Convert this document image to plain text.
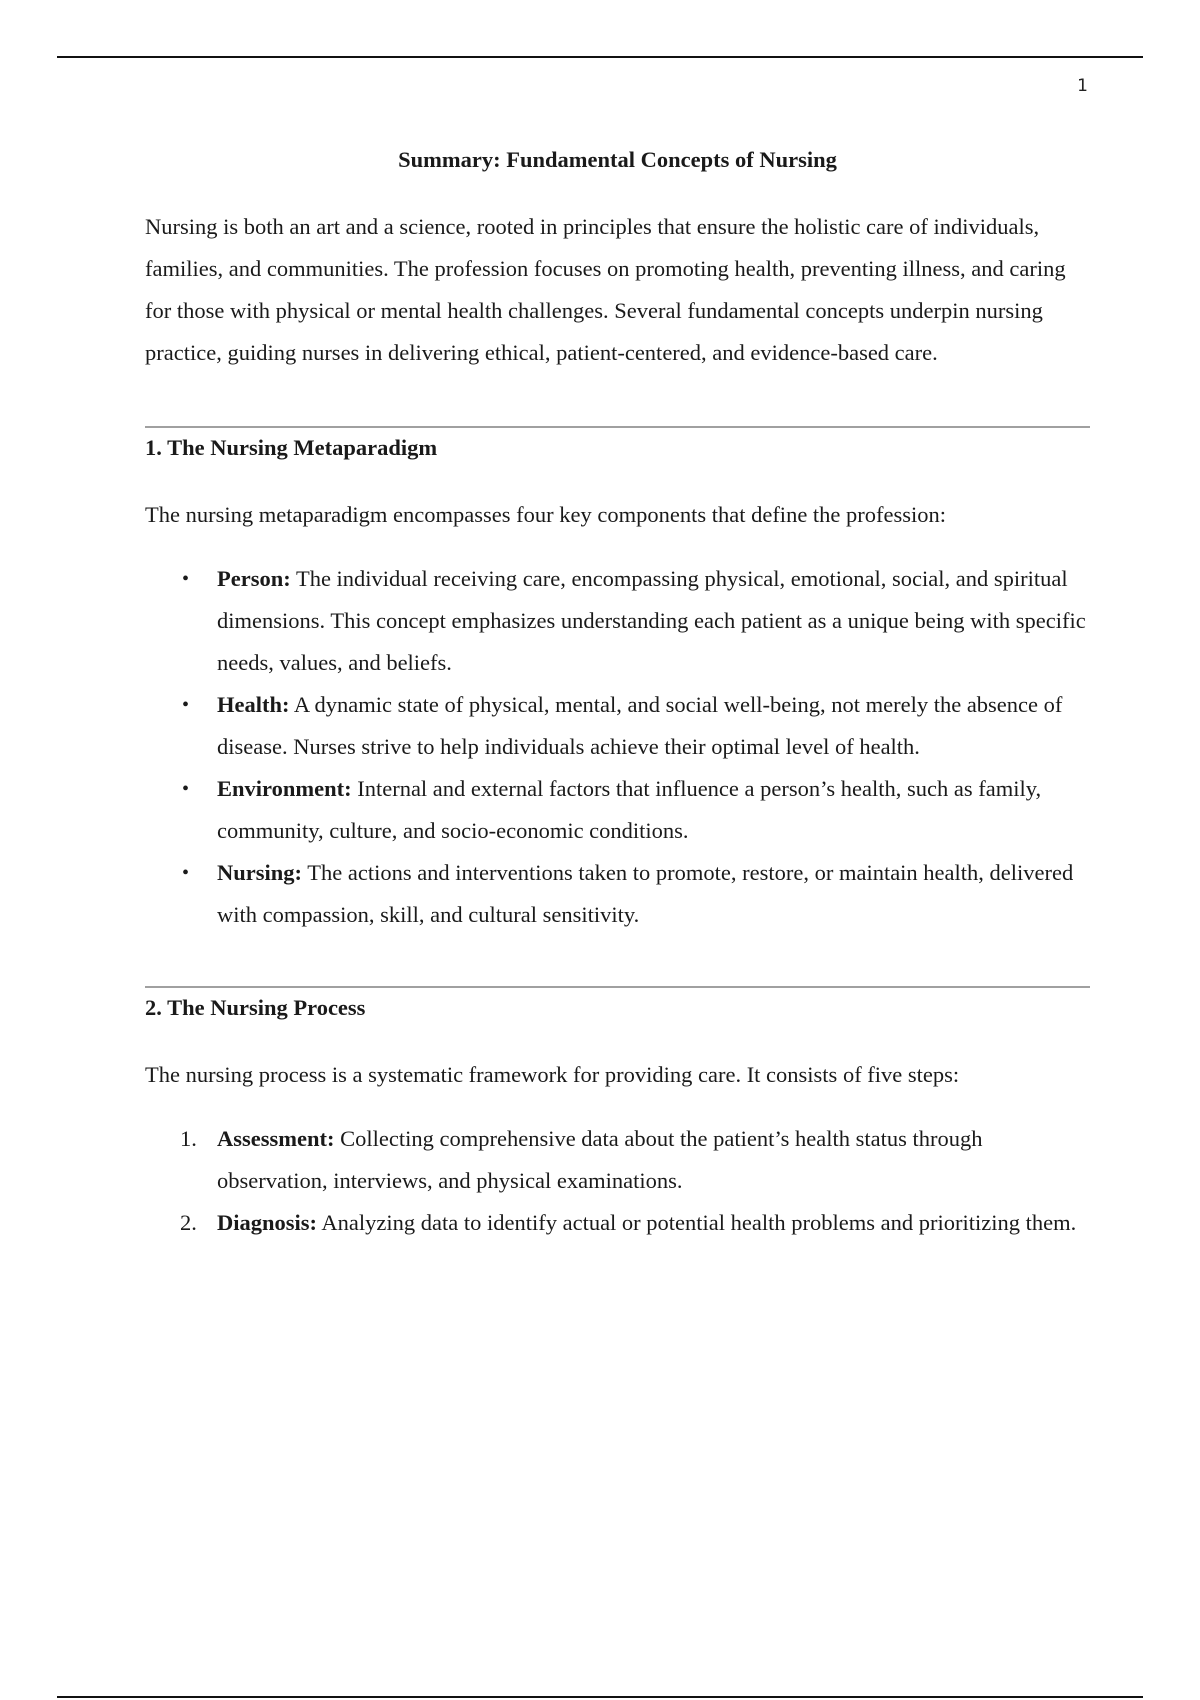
1
Summary: Fundamental Concepts of Nursing

Nursing is both an art and a science, rooted in principles that ensure the holistic care of individuals, families, and communities. The profession focuses on promoting health, preventing illness, and caring for those with physical or mental health challenges. Several fundamental concepts underpin nursing practice, guiding nurses in delivering ethical, patient-centered, and evidence-based care.

1. The Nursing Metaparadigm

The nursing metaparadigm encompasses four key components that define the profession:

• Person: The individual receiving care, encompassing physical, emotional, social, and spiritual dimensions. This concept emphasizes understanding each patient as a unique being with specific needs, values, and beliefs.
• Health: A dynamic state of physical, mental, and social well-being, not merely the absence of disease. Nurses strive to help individuals achieve their optimal level of health.
• Environment: Internal and external factors that influence a person’s health, such as family, community, culture, and socio-economic conditions.
• Nursing: The actions and interventions taken to promote, restore, or maintain health, delivered with compassion, skill, and cultural sensitivity.
2. The Nursing Process

The nursing process is a systematic framework for providing care. It consists of five steps:

1. Assessment: Collecting comprehensive data about the patient’s health status through observation, interviews, and physical examinations.
2. Diagnosis: Analyzing data to identify actual or potential health problems and prioritizing them.
